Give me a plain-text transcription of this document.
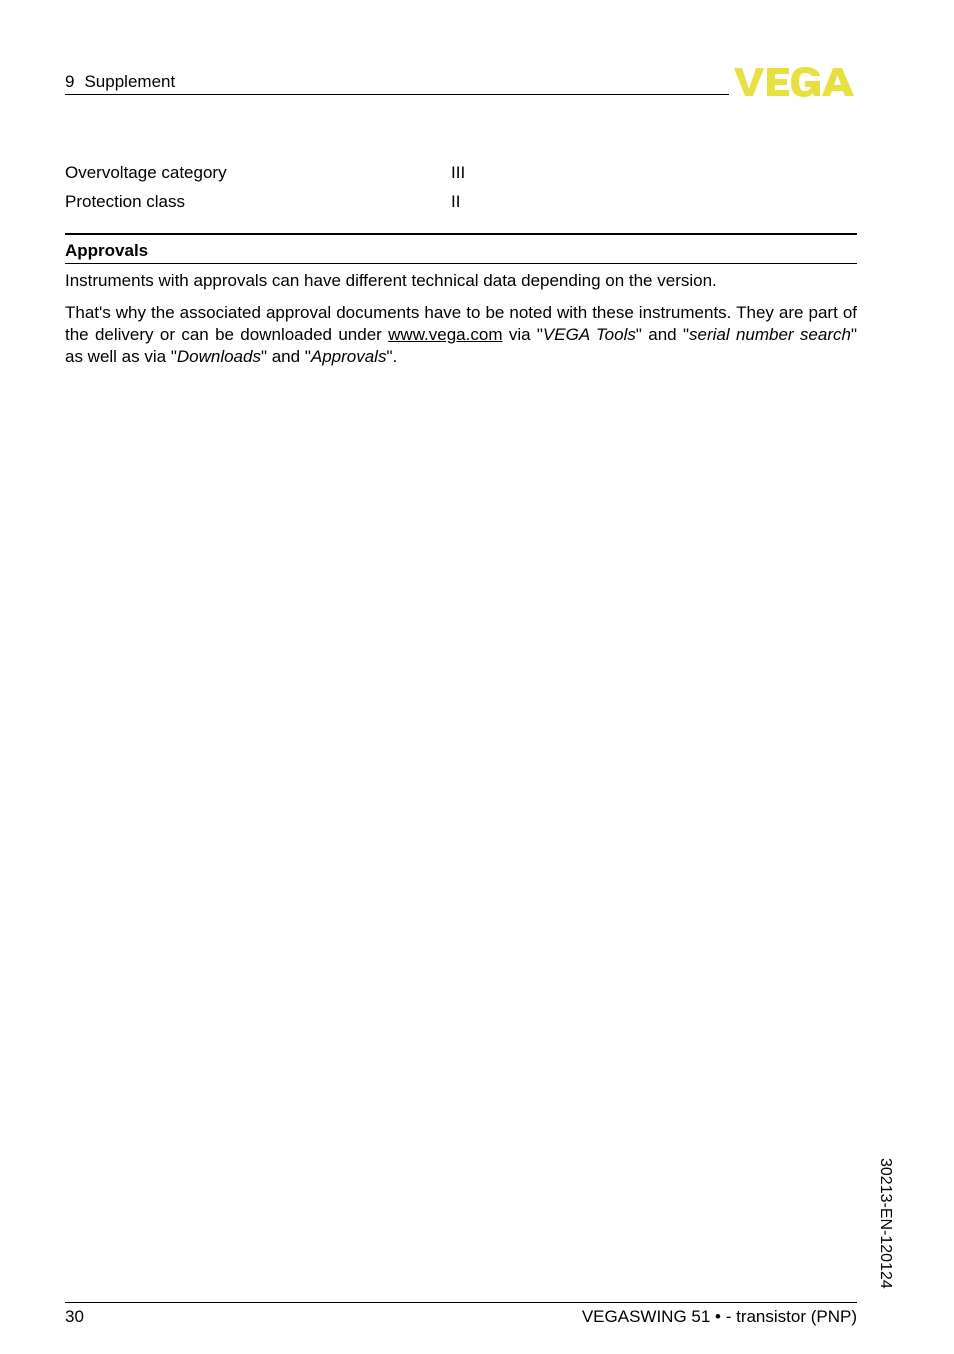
9 Supplement
Overvoltage category	III
Protection class	II
Approvals
Instruments with approvals can have different technical data depending on the version.
That's why the associated approval documents have to be noted with these instruments. They are part of the delivery or can be downloaded under www.vega.com via "VEGA Tools" and "serial number search" as well as via "Downloads" and "Approvals".
30213-EN-120124
30	VEGASWING 51 • - transistor (PNP)
